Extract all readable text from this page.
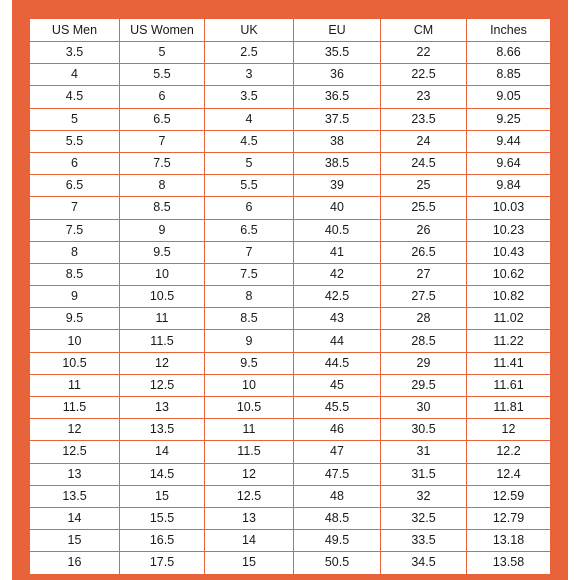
US Men	US Women	UK	EU	CM	Inches
3.5	5	2.5	35.5	22	8.66
4	5.5	3	36	22.5	8.85
4.5	6	3.5	36.5	23	9.05
5	6.5	4	37.5	23.5	9.25
5.5	7	4.5	38	24	9.44
6	7.5	5	38.5	24.5	9.64
6.5	8	5.5	39	25	9.84
7	8.5	6	40	25.5	10.03
7.5	9	6.5	40.5	26	10.23
8	9.5	7	41	26.5	10.43
8.5	10	7.5	42	27	10.62
9	10.5	8	42.5	27.5	10.82
9.5	11	8.5	43	28	11.02
10	11.5	9	44	28.5	11.22
10.5	12	9.5	44.5	29	11.41
11	12.5	10	45	29.5	11.61
11.5	13	10.5	45.5	30	11.81
12	13.5	11	46	30.5	12
12.5	14	11.5	47	31	12.2
13	14.5	12	47.5	31.5	12.4
13.5	15	12.5	48	32	12.59
14	15.5	13	48.5	32.5	12.79
15	16.5	14	49.5	33.5	13.18
16	17.5	15	50.5	34.5	13.58
